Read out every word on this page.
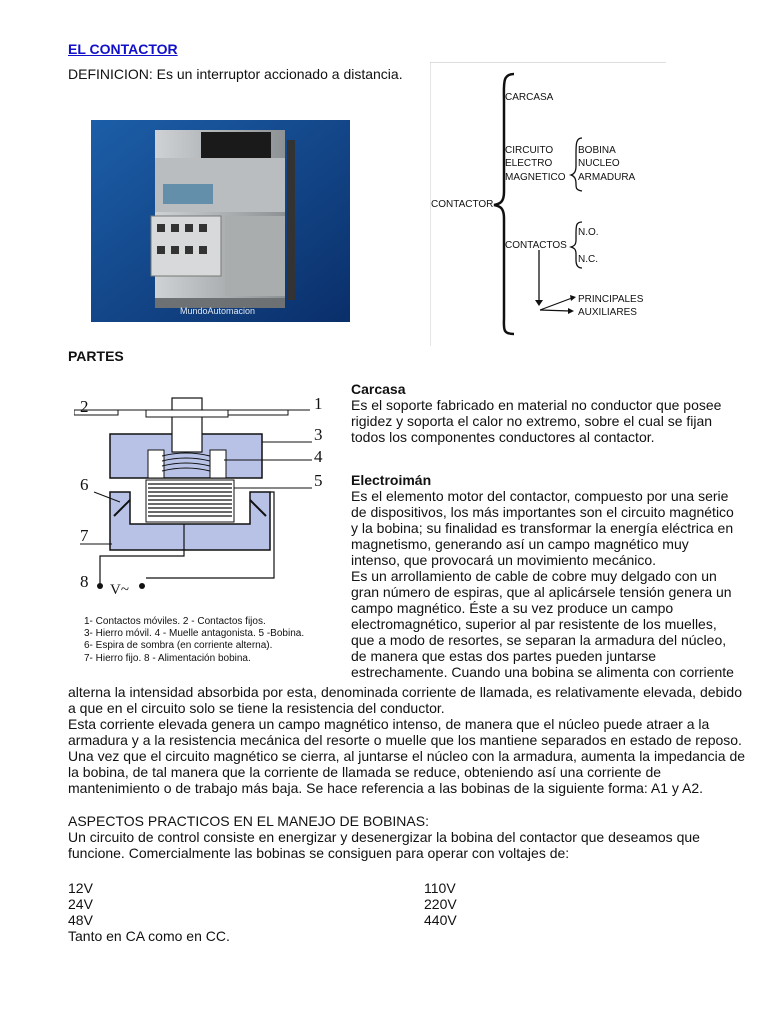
EL CONTACTOR
DEFINICION: Es un interruptor accionado a distancia.
MundoAutomacion
CONTACTOR
CARCASA
CIRCUITO
ELECTRO
MAGNETICO
BOBINA
NUCLEO
ARMADURA
CONTACTOS
N.O.
N.C.
PRINCIPALES
AUXILIARES
PARTES
1
2
3
4
5
6
7
8 V~
1- Contactos móviles. 2 - Contactos fijos.
3- Hierro móvil. 4 - Muelle antagonista. 5 -Bobina.
6- Espira de sombra (en corriente alterna).
7- Hierro fijo. 8 - Alimentación bobina.

Carcasa

Es el soporte fabricado en material no conductor que posee rigidez y soporta el calor no extremo, sobre el cual se fijan todos los componentes conductores al contactor.

Electroimán

Es el elemento motor del contactor, compuesto por una serie de dispositivos, los más importantes son el circuito magnético y la bobina; su finalidad es transformar la energía eléctrica en magnetismo, generando así un campo magnético muy intenso, que provocará un movimiento mecánico.

Es un arrollamiento de cable de cobre muy delgado con un gran número de espiras, que al aplicársele tensión genera un campo magnético. Éste a su vez produce un campo electromagnético, superior al par resistente de los muelles, que a modo de resortes, se separan la armadura del núcleo, de manera que estas dos partes pueden juntarse estrechamente. Cuando una bobina se alimenta con corriente

alterna la intensidad absorbida por esta, denominada corriente de llamada, es relativamente elevada, debido a que en el circuito solo se tiene la resistencia del conductor.

Esta corriente elevada genera un campo magnético intenso, de manera que el núcleo puede atraer a la armadura y a la resistencia mecánica del resorte o muelle que los mantiene separados en estado de reposo. Una vez que el circuito magnético se cierra, al juntarse el núcleo con la armadura, aumenta la impedancia de la bobina, de tal manera que la corriente de llamada se reduce, obteniendo así una corriente de mantenimiento o de trabajo más baja. Se hace referencia a las bobinas de la siguiente forma: A1 y A2.

ASPECTOS PRACTICOS EN EL MANEJO DE BOBINAS:

Un circuito de control consiste en energizar y desenergizar la bobina del contactor que deseamos que funcione. Comercialmente las bobinas se consiguen para operar con voltajes de:

12V
24V
48V
110V
220V
440V
Tanto en CA como en CC.
